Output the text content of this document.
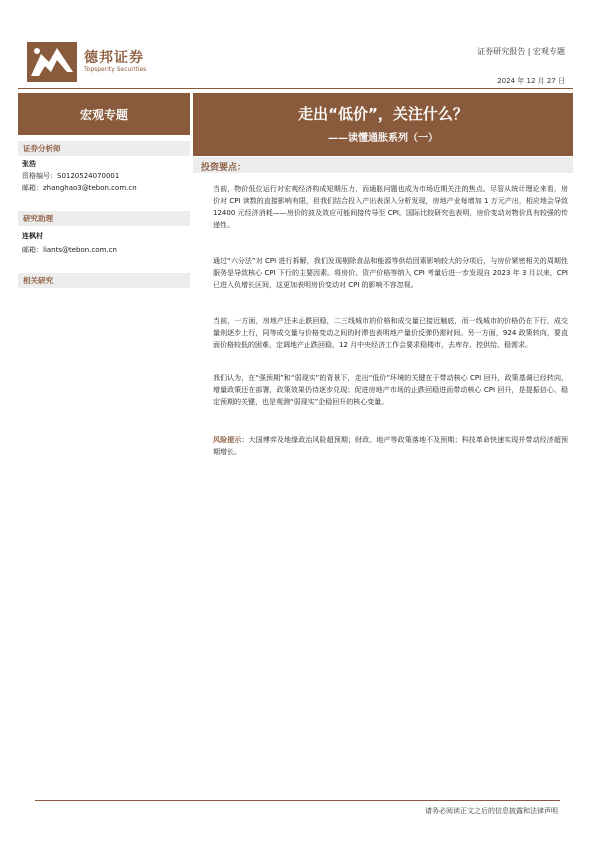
德邦证券
Topsperity Securities
证券研究报告 | 宏观专题
2024 年 12 月 27 日
宏观专题	走出“低价”，关注什么？
——读懂通胀系列（一）
证券分析师
张浩
资格编号：S0120524070001
邮箱：zhanghao3@tebon.com.cn
研究助理
连枫村
邮箱：liants@tebon.com.cn
相关研究
投资要点：

当前，物价低位运行对宏观经济构成短期压力，而通胀问题也成为市场近期关注的焦点。尽管从统计理论来看，房价对 CPI 读数的直接影响有限，但我们结合投入产出表深入分析发现，房地产业每增加 1 万元产出，相应地会导致 12400 元经济消耗——房价的波及效应可能间接传导至 CPI。国际比较研究也表明，房价变动对物价具有较强的传递性。

通过“六分法”对 CPI 进行拆解，我们发现剔除食品和能源等供给因素影响较大的分项后，与房价紧密相关的周期性服务是导致核心 CPI 下行的主要因素。将房价、资产价格等纳入 CPI 考量后进一步发现自 2023 年 3 月以来，CPI 已进入负增长区间，这更加表明房价变动对 CPI 的影响不容忽视。

当前，一方面，房地产还未止跌回稳，二三线城市的价格和成交量已接近触底，而一线城市的价格仍在下行，成交量则逐步上行，同等成交量与价格变动之间的时滞也表明地产量价反弹仍需时间。另一方面，924 政策转向，要直面价格较低的困难，定调地产止跌回稳，12 月中央经济工作会要求稳楼市，去库存、控供给、稳需求。

我们认为，在“强预期”和“弱现实”的背景下，走出“低价”环境的关键在于带动核心 CPI 回升，政策基调已经转向，增量政策还在部署，政策效果仍待逐步兑现；促进房地产市场的止跌回稳进而带动核心 CPI 回升，是提振信心、稳定预期的关键，也是观测“弱现实”企稳回升的核心变量。

风险提示：大国博弈及地缘政治风险超预期；财政、地产等政策落地不及预期；科技革命快速实现并带动经济超预期增长。

请务必阅读正文之后的信息披露和法律声明
